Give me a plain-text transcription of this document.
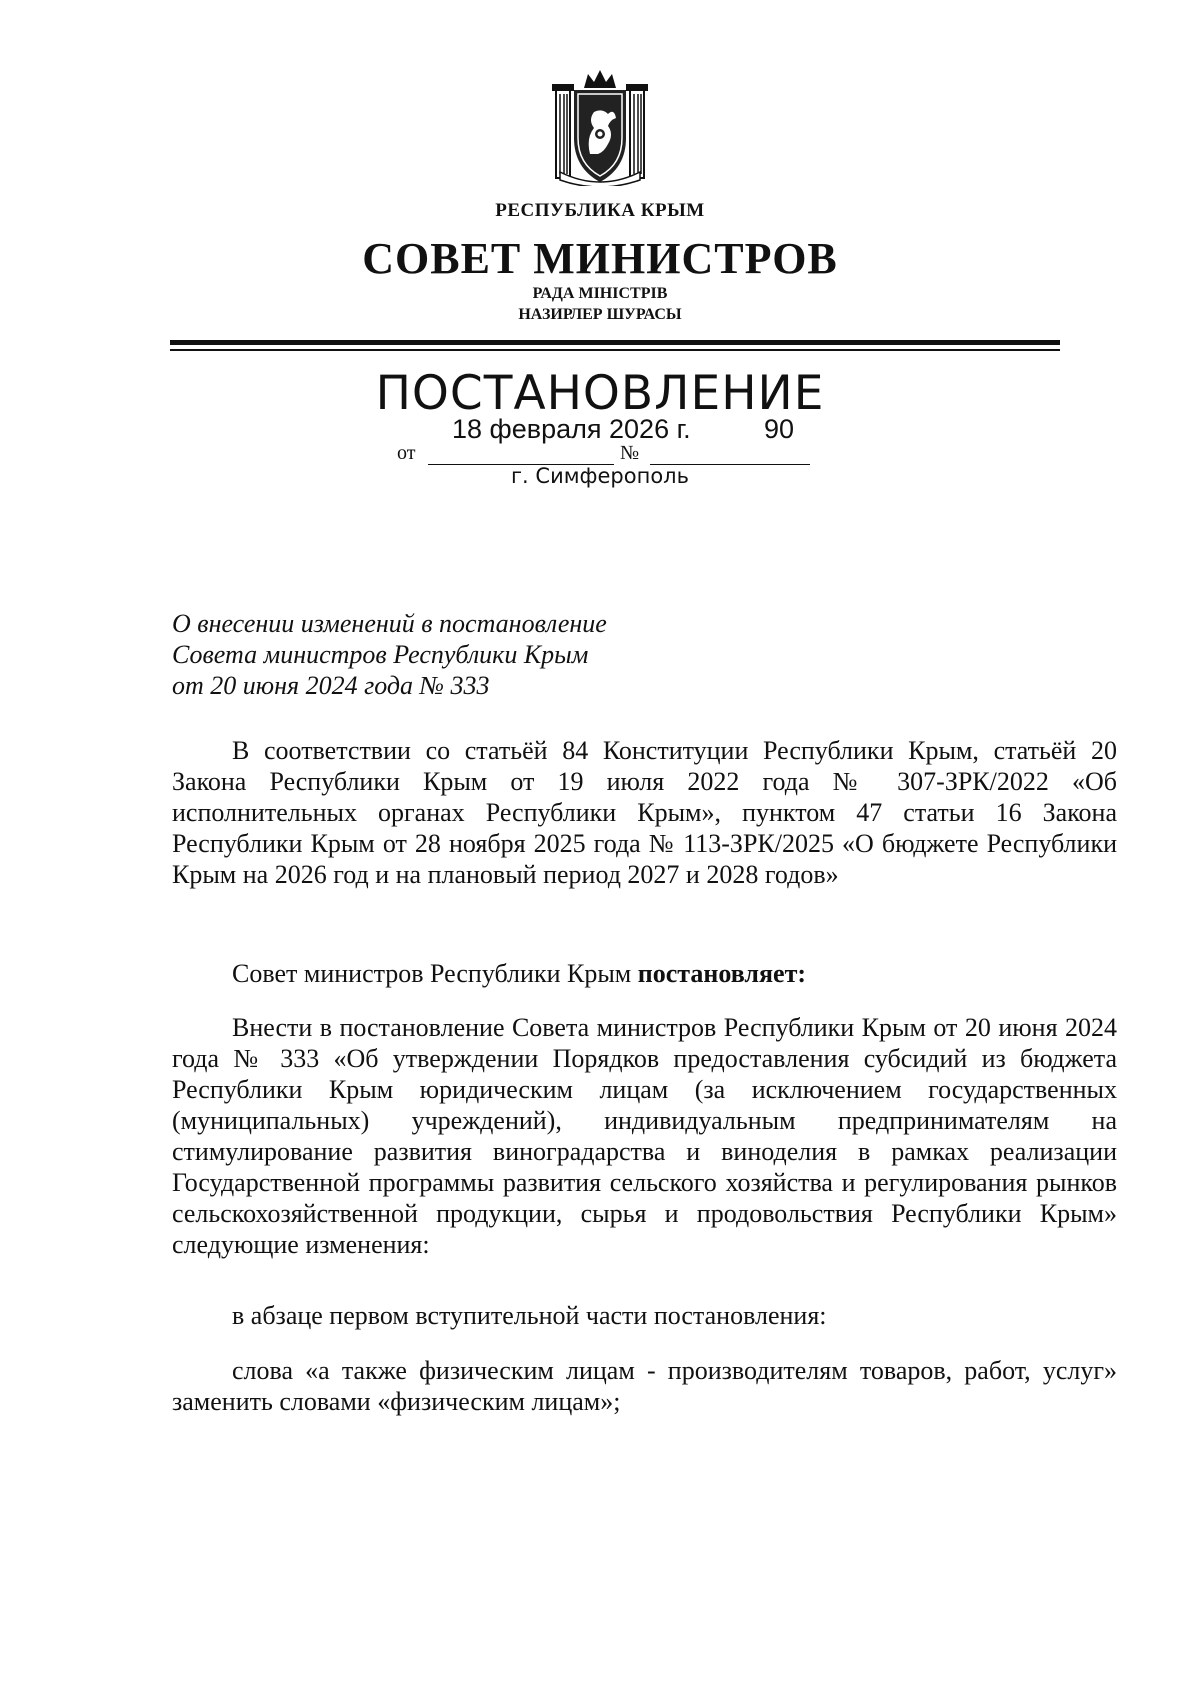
РЕСПУБЛИКА КРЫМ
СОВЕТ МИНИСТРОВ
РАДА МІНІСТРІВ
НАЗИРЛЕР ШУРАСЫ
ПОСТАНОВЛЕНИЕ
18 февраля 2026 г.	90
от	№
г. Симферополь
О внесении изменений в постановление
Совета министров Республики Крым
от 20 июня 2024 года № 333
В соответствии со статьёй 84 Конституции Республики Крым, статьёй 20 Закона Республики Крым от 19 июля 2022 года № 307-ЗРК/2022 «Об исполнительных органах Республики Крым», пунктом 47 статьи 16 Закона Республики Крым от 28 ноября 2025 года № 113-ЗРК/2025 «О бюджете Республики Крым на 2026 год и на плановый период 2027 и 2028 годов»
Совет министров Республики Крым постановляет:
Внести в постановление Совета министров Республики Крым от 20 июня 2024 года № 333 «Об утверждении Порядков предоставления субсидий из бюджета Республики Крым юридическим лицам (за исключением государственных (муниципальных) учреждений), индивидуальным предпринимателям на стимулирование развития виноградарства и виноделия в рамках реализации Государственной программы развития сельского хозяйства и регулирования рынков сельскохозяйственной продукции, сырья и продовольствия Республики Крым» следующие изменения:
в абзаце первом вступительной части постановления:
слова «а также физическим лицам - производителям товаров, работ, услуг» заменить словами «физическим лицам»;
